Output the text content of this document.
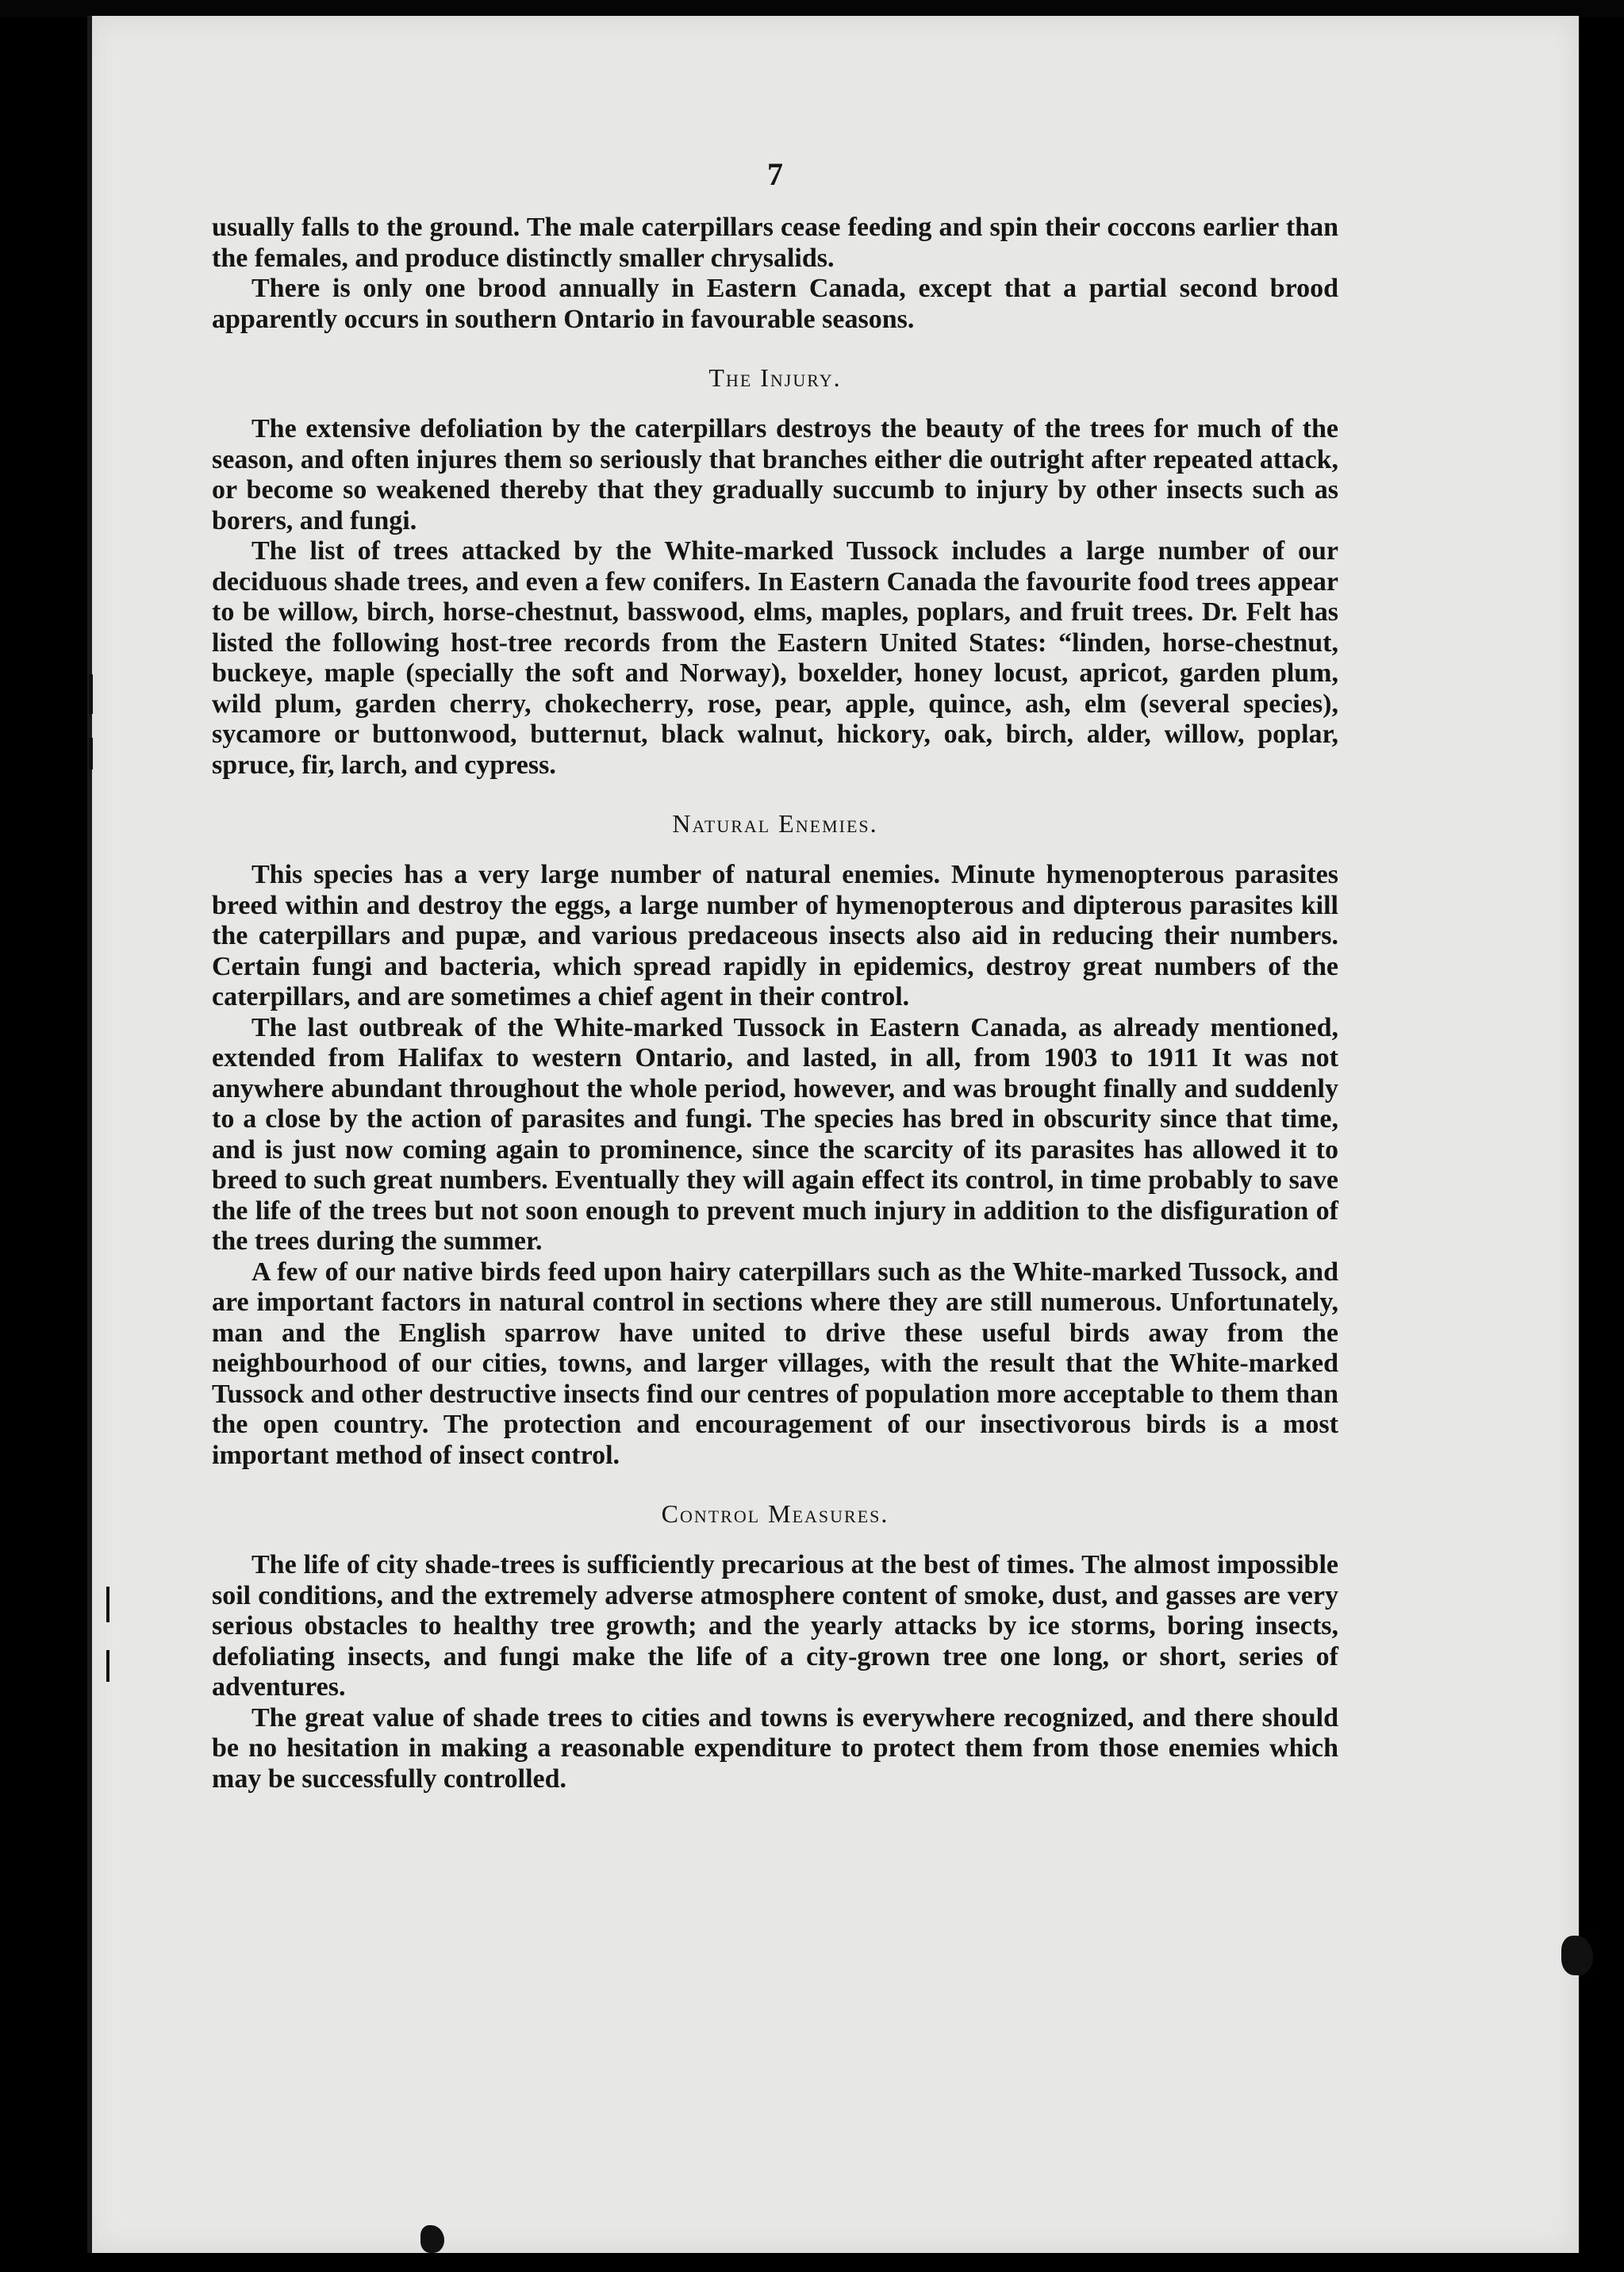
7

usually falls to the ground. The male caterpillars cease feeding and spin their coccons earlier than the females, and produce distinctly smaller chrysalids.

There is only one brood annually in Eastern Canada, except that a partial second brood apparently occurs in southern Ontario in favourable seasons.

The Injury.

The extensive defoliation by the caterpillars destroys the beauty of the trees for much of the season, and often injures them so seriously that branches either die outright after repeated attack, or become so weakened thereby that they gradually succumb to injury by other insects such as borers, and fungi.

The list of trees attacked by the White-marked Tussock includes a large number of our deciduous shade trees, and even a few conifers. In Eastern Canada the favourite food trees appear to be willow, birch, horse-chestnut, basswood, elms, maples, poplars, and fruit trees. Dr. Felt has listed the following host-tree records from the Eastern United States: “linden, horse-chestnut, buckeye, maple (specially the soft and Norway), boxelder, honey locust, apricot, garden plum, wild plum, garden cherry, chokecherry, rose, pear, apple, quince, ash, elm (several species), sycamore or buttonwood, butternut, black walnut, hickory, oak, birch, alder, willow, poplar, spruce, fir, larch, and cypress.

Natural Enemies.

This species has a very large number of natural enemies. Minute hymenopterous parasites breed within and destroy the eggs, a large number of hymenopterous and dipterous parasites kill the caterpillars and pupæ, and various predaceous insects also aid in reducing their numbers. Certain fungi and bacteria, which spread rapidly in epidemics, destroy great numbers of the caterpillars, and are sometimes a chief agent in their control.

The last outbreak of the White-marked Tussock in Eastern Canada, as already mentioned, extended from Halifax to western Ontario, and lasted, in all, from 1903 to 1911 It was not anywhere abundant throughout the whole period, however, and was brought finally and suddenly to a close by the action of parasites and fungi. The species has bred in obscurity since that time, and is just now coming again to prominence, since the scarcity of its parasites has allowed it to breed to such great numbers. Eventually they will again effect its control, in time probably to save the life of the trees but not soon enough to prevent much injury in addition to the disfiguration of the trees during the summer.

A few of our native birds feed upon hairy caterpillars such as the White-marked Tussock, and are important factors in natural control in sections where they are still numerous. Unfortunately, man and the English sparrow have united to drive these useful birds away from the neighbourhood of our cities, towns, and larger villages, with the result that the White-marked Tussock and other destructive insects find our centres of population more acceptable to them than the open country. The protection and encouragement of our insectivorous birds is a most important method of insect control.

Control Measures.

The life of city shade-trees is sufficiently precarious at the best of times. The almost impossible soil conditions, and the extremely adverse atmosphere content of smoke, dust, and gasses are very serious obstacles to healthy tree growth; and the yearly attacks by ice storms, boring insects, defoliating insects, and fungi make the life of a city-grown tree one long, or short, series of adventures.

The great value of shade trees to cities and towns is everywhere recognized, and there should be no hesitation in making a reasonable expenditure to protect them from those enemies which may be successfully controlled.
